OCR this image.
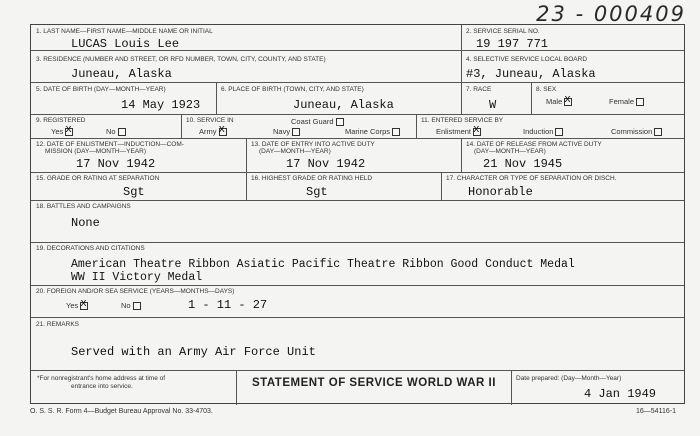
23 - 000409
1. LAST NAME—FIRST NAME—MIDDLE NAME OR INITIAL
LUCAS Louis Lee
2. SERVICE SERIAL NO.
19 197 771
3. RESIDENCE (NUMBER AND STREET, OR RFD NUMBER, TOWN, CITY, COUNTY, AND STATE)
Juneau, Alaska
4. SELECTIVE SERVICE LOCAL BOARD
#3, Juneau, Alaska
5. DATE OF BIRTH (DAY—MONTH—YEAR)
14 May 1923
6. PLACE OF BIRTH (TOWN, CITY, AND STATE)
Juneau, Alaska
7. RACE
W
8. SEX
Male x	Female
9. REGISTERED
Yes x	No
10. SERVICE IN
Army x	Navy
Coast Guard
Marine Corps
11. ENTERED SERVICE BY
Enlistment x	Induction	Commission
12. DATE OF ENLISTMENT—INDUCTION—COM-
MISSION (DAY—MONTH—YEAR)
17 Nov 1942
13. DATE OF ENTRY INTO ACTIVE DUTY
(DAY—MONTH—YEAR)
17 Nov 1942
14. DATE OF RELEASE FROM ACTIVE DUTY
(DAY—MONTH—YEAR)
21 Nov 1945
15. GRADE OR RATING AT SEPARATION
Sgt
16. HIGHEST GRADE OR RATING HELD
Sgt
17. CHARACTER OR TYPE OF SEPARATION OR DISCH.
Honorable
18. BATTLES AND CAMPAIGNS
None
19. DECORATIONS AND CITATIONS
American Theatre Ribbon Asiatic Pacific Theatre Ribbon Good Conduct Medal
WW II Victory Medal
20. FOREIGN AND/OR SEA SERVICE (YEARS—MONTHS—DAYS)
Yes x	No	1 - 11 - 27
21. REMARKS
Served with an Army Air Force Unit
*For nonregistrant's home address at time of
entrance into service.
Date prepared: (Day—Month—Year)
4 Jan 1949
STATEMENT OF SERVICE WORLD WAR II
O. S. S. R. Form 4—Budget Bureau Approval No. 33-4703.	16—54116-1
